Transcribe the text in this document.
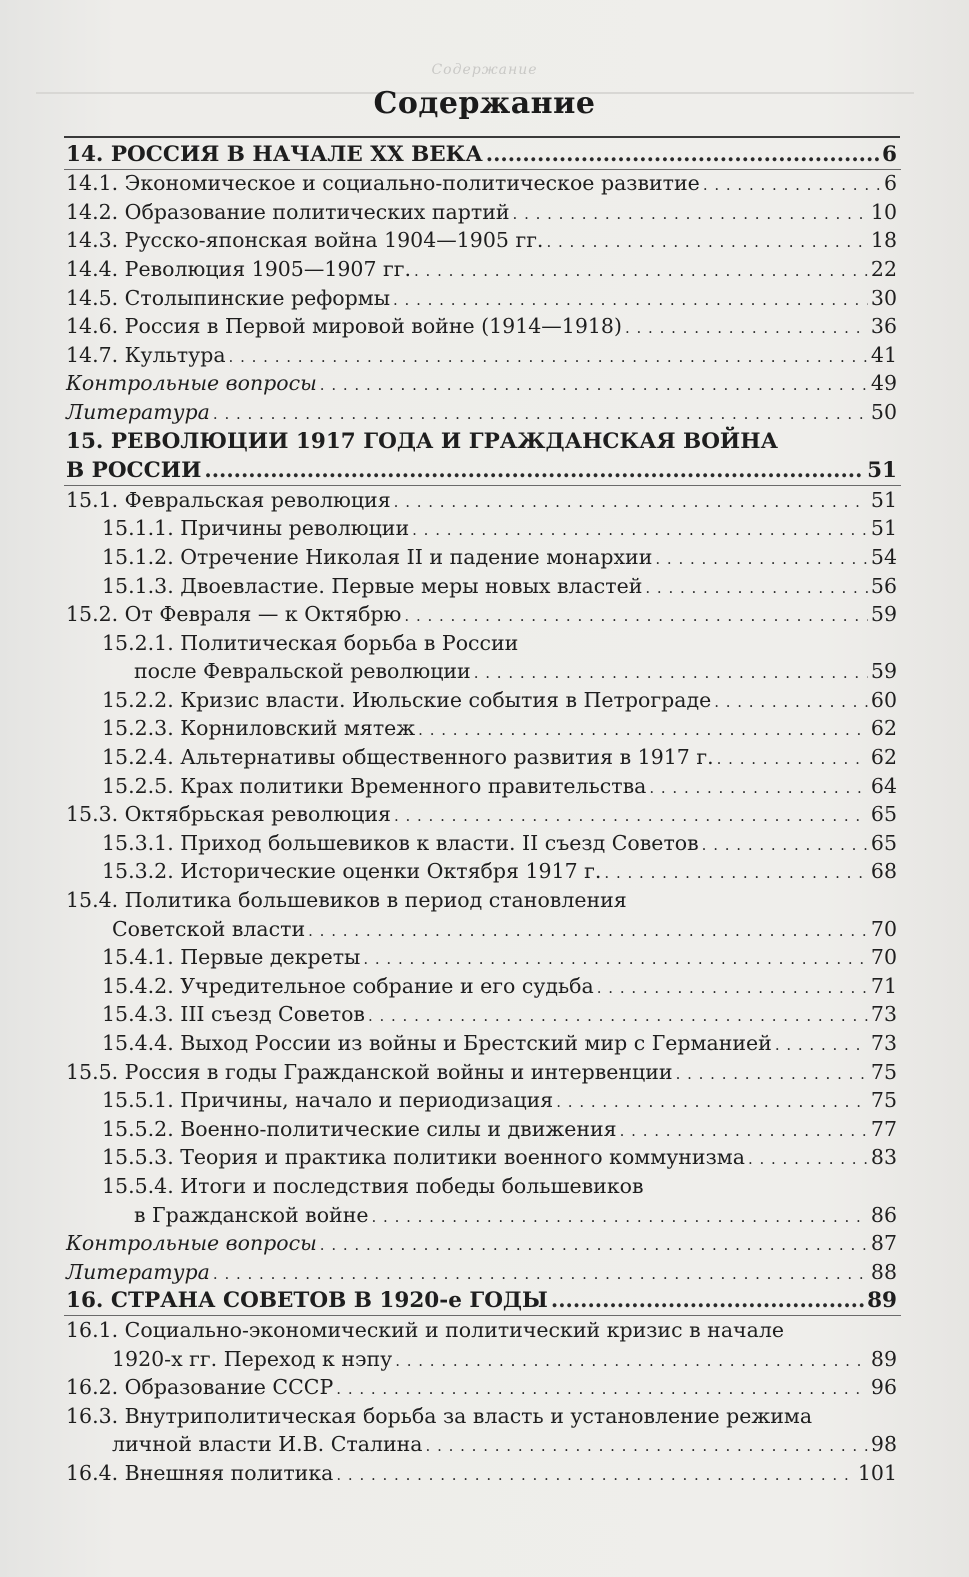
Содержание
Содержание
14. РОССИЯ В НАЧАЛЕ XX ВЕКА .....	6
14.1. Экономическое и социально-политическое развитие . . .	6
14.2. Образование политических партий . . .	10
14.3. Русско-японская война 1904—1905 гг. . . .	18
14.4. Революция 1905—1907 гг. . . .	22
14.5. Столыпинские реформы . . .	30
14.6. Россия в Первой мировой войне (1914—1918) . . .	36
14.7. Культура . . .	41
Контрольные вопросы . . .	49
Литература . . .	50
15. РЕВОЛЮЦИИ 1917 ГОДА И ГРАЖДАНСКАЯ ВОЙНА
В РОССИИ .....	51
15.1. Февральская революция . . .	51
15.1.1. Причины революции . . .	51
15.1.2. Отречение Николая II и падение монархии . . .	54
15.1.3. Двоевластие. Первые меры новых властей . . .	56
15.2. От Февраля — к Октябрю . . .	59
15.2.1. Политическая борьба в России
после Февральской революции . . .	59
15.2.2. Кризис власти. Июльские события в Петрограде . . .	60
15.2.3. Корниловский мятеж . . .	62
15.2.4. Альтернативы общественного развития в 1917 г. . . .	62
15.2.5. Крах политики Временного правительства . . .	64
15.3. Октябрьская революция . . .	65
15.3.1. Приход большевиков к власти. II съезд Советов . . .	65
15.3.2. Исторические оценки Октября 1917 г. . . .	68
15.4. Политика большевиков в период становления
Советской власти . . .	70
15.4.1. Первые декреты . . .	70
15.4.2. Учредительное собрание и его судьба . . .	71
15.4.3. III съезд Советов . . .	73
15.4.4. Выход России из войны и Брестский мир с Германией . . .	73
15.5. Россия в годы Гражданской войны и интервенции . . .	75
15.5.1. Причины, начало и периодизация . . .	75
15.5.2. Военно-политические силы и движения . . .	77
15.5.3. Теория и практика политики военного коммунизма . . .	83
15.5.4. Итоги и последствия победы большевиков
в Гражданской войне . . .	86
Контрольные вопросы . . .	87
Литература . . .	88
16. СТРАНА СОВЕТОВ В 1920-е ГОДЫ .....	89
16.1. Социально-экономический и политический кризис в начале
1920-х гг. Переход к нэпу . . .	89
16.2. Образование СССР . . .	96
16.3. Внутриполитическая борьба за власть и установление режима
личной власти И.В. Сталина . . .	98
16.4. Внешняя политика . . .	101
